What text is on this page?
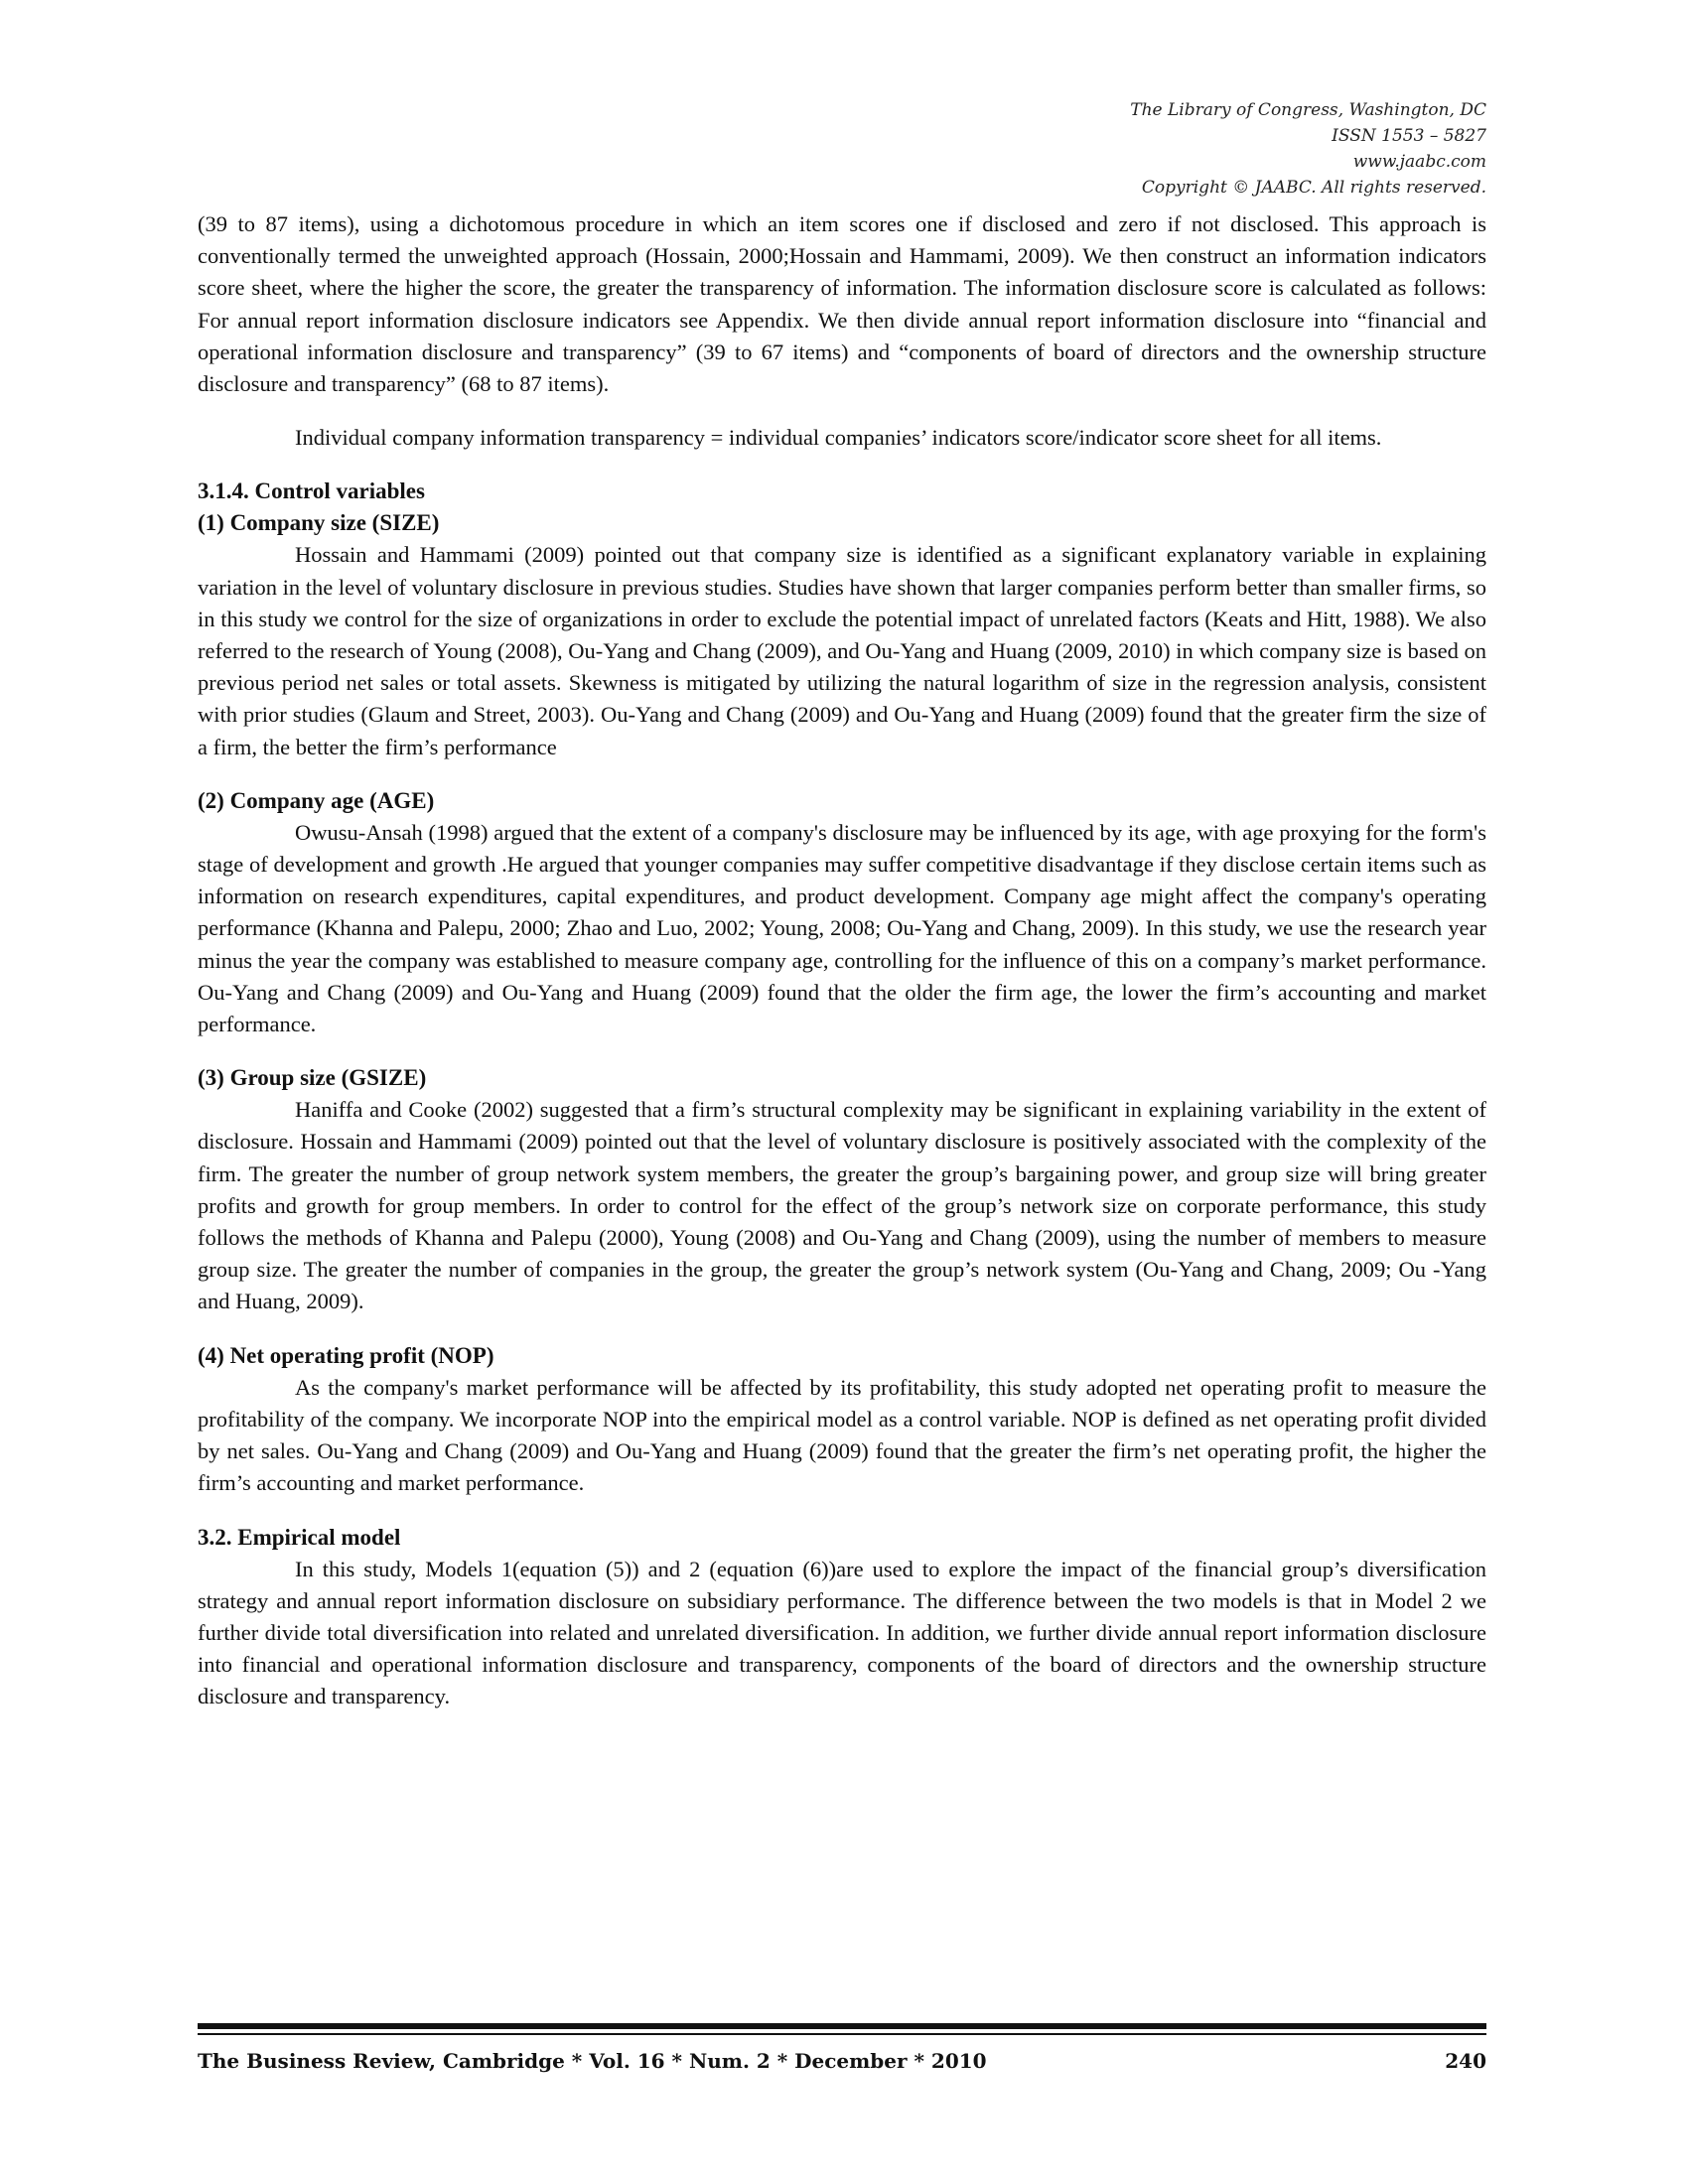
The Library of Congress, Washington, DC
ISSN 1553 – 5827
www.jaabc.com
Copyright © JAABC. All rights reserved.

(39 to 87 items), using a dichotomous procedure in which an item scores one if disclosed and zero if not disclosed. This approach is conventionally termed the unweighted approach (Hossain, 2000;Hossain and Hammami, 2009). We then construct an information indicators score sheet, where the higher the score, the greater the transparency of information. The information disclosure score is calculated as follows: For annual report information disclosure indicators see Appendix. We then divide annual report information disclosure into “financial and operational information disclosure and transparency” (39 to 67 items) and “components of board of directors and the ownership structure disclosure and transparency” (68 to 87 items).

Individual company information transparency = individual companies’ indicators score/indicator score sheet for all items.

3.1.4. Control variables
(1) Company size (SIZE)

Hossain and Hammami (2009) pointed out that company size is identified as a significant explanatory variable in explaining variation in the level of voluntary disclosure in previous studies. Studies have shown that larger companies perform better than smaller firms, so in this study we control for the size of organizations in order to exclude the potential impact of unrelated factors (Keats and Hitt, 1988). We also referred to the research of Young (2008), Ou-Yang and Chang (2009), and Ou-Yang and Huang (2009, 2010) in which company size is based on previous period net sales or total assets. Skewness is mitigated by utilizing the natural logarithm of size in the regression analysis, consistent with prior studies (Glaum and Street, 2003). Ou-Yang and Chang (2009) and Ou-Yang and Huang (2009) found that the greater firm the size of a firm, the better the firm’s performance

(2) Company age (AGE)

Owusu-Ansah (1998) argued that the extent of a company's disclosure may be influenced by its age, with age proxying for the form's stage of development and growth .He argued that younger companies may suffer competitive disadvantage if they disclose certain items such as information on research expenditures, capital expenditures, and product development. Company age might affect the company's operating performance (Khanna and Palepu, 2000; Zhao and Luo, 2002; Young, 2008; Ou-Yang and Chang, 2009). In this study, we use the research year minus the year the company was established to measure company age, controlling for the influence of this on a company’s market performance. Ou-Yang and Chang (2009) and Ou-Yang and Huang (2009) found that the older the firm age, the lower the firm’s accounting and market performance.

(3) Group size (GSIZE)

Haniffa and Cooke (2002) suggested that a firm’s structural complexity may be significant in explaining variability in the extent of disclosure. Hossain and Hammami (2009) pointed out that the level of voluntary disclosure is positively associated with the complexity of the firm. The greater the number of group network system members, the greater the group’s bargaining power, and group size will bring greater profits and growth for group members. In order to control for the effect of the group’s network size on corporate performance, this study follows the methods of Khanna and Palepu (2000), Young (2008) and Ou-Yang and Chang (2009), using the number of members to measure group size. The greater the number of companies in the group, the greater the group’s network system (Ou-Yang and Chang, 2009; Ou -Yang and Huang, 2009).

(4) Net operating profit (NOP)

As the company's market performance will be affected by its profitability, this study adopted net operating profit to measure the profitability of the company. We incorporate NOP into the empirical model as a control variable. NOP is defined as net operating profit divided by net sales. Ou-Yang and Chang (2009) and Ou-Yang and Huang (2009) found that the greater the firm’s net operating profit, the higher the firm’s accounting and market performance.

3.2. Empirical model

In this study, Models 1(equation (5)) and 2 (equation (6))are used to explore the impact of the financial group’s diversification strategy and annual report information disclosure on subsidiary performance. The difference between the two models is that in Model 2 we further divide total diversification into related and unrelated diversification. In addition, we further divide annual report information disclosure into financial and operational information disclosure and transparency, components of the board of directors and the ownership structure disclosure and transparency.

The Business Review, Cambridge * Vol. 16 * Num. 2 * December * 2010	240
